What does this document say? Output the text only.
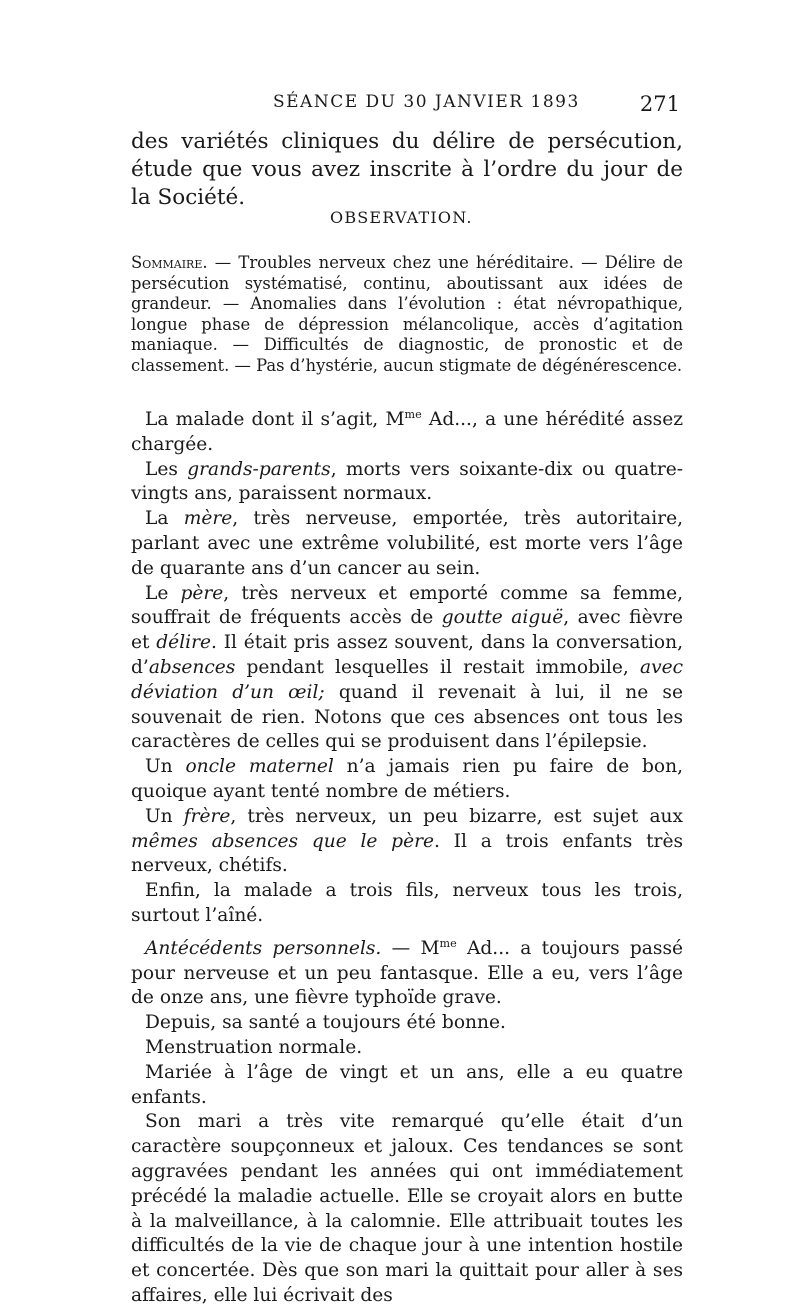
SÉANCE DU 30 JANVIER 1893	271

des variétés cliniques du délire de persécution, étude que vous avez inscrite à l’ordre du jour de la Société.

OBSERVATION.

Sommaire. — Troubles nerveux chez une héréditaire. — Délire de persécution systématisé, continu, aboutissant aux idées de grandeur. — Anomalies dans l’évolution : état névropathique, longue phase de dépression mélancolique, accès d’agitation maniaque. — Difficultés de diagnostic, de pronostic et de classement. — Pas d’hystérie, aucun stigmate de dégénérescence.

La malade dont il s’agit, $M^{me}$ Ad..., a une hérédité assez chargée.

Les grands-parents, morts vers soixante-dix ou quatre-vingts ans, paraissent normaux.

La mère, très nerveuse, emportée, très autoritaire, parlant avec une extrême volubilité, est morte vers l’âge de quarante ans d’un cancer au sein.

Le père, très nerveux et emporté comme sa femme, souffrait de fréquents accès de goutte aiguë, avec fièvre et délire. Il était pris assez souvent, dans la conversation, d’absences pendant lesquelles il restait immobile, avec déviation d’un œil; quand il revenait à lui, il ne se souvenait de rien. Notons que ces absences ont tous les caractères de celles qui se produisent dans l’épilepsie.

Un oncle maternel n’a jamais rien pu faire de bon, quoique ayant tenté nombre de métiers.

Un frère, très nerveux, un peu bizarre, est sujet aux mêmes absences que le père. Il a trois enfants très nerveux, chétifs.

Enfin, la malade a trois fils, nerveux tous les trois, surtout l’aîné.

Antécédents personnels. — $M^{me}$ Ad... a toujours passé pour nerveuse et un peu fantasque. Elle a eu, vers l’âge de onze ans, une fièvre typhoïde grave.

Depuis, sa santé a toujours été bonne.

Menstruation normale.

Mariée à l’âge de vingt et un ans, elle a eu quatre enfants.

Son mari a très vite remarqué qu’elle était d’un caractère soupçonneux et jaloux. Ces tendances se sont aggravées pendant les années qui ont immédiatement précédé la maladie actuelle. Elle se croyait alors en butte à la malveillance, à la calomnie. Elle attribuait toutes les difficultés de la vie de chaque jour à une intention hostile et concertée. Dès que son mari la quittait pour aller à ses affaires, elle lui écrivait des
